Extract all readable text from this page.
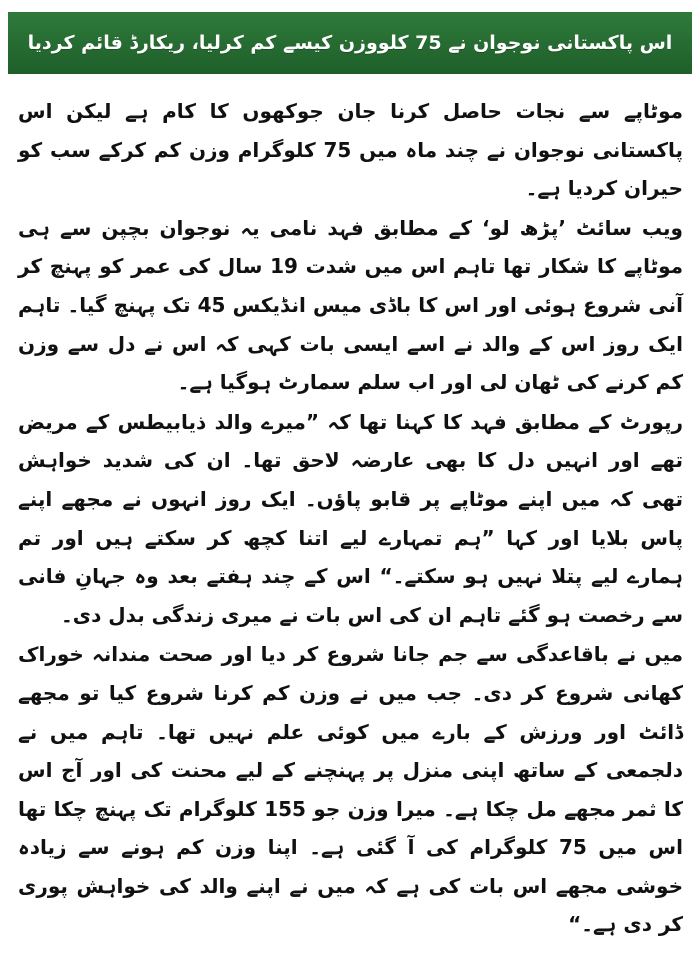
اس پاکستانی نوجوان نے 75 کلووزن کیسے کم کرلیا، ریکارڈ قائم کردیا

موٹاپے سے نجات حاصل کرنا جان جوکھوں کا کام ہے لیکن اس پاکستانی نوجوان نے چند ماہ میں 75 کلوگرام وزن کم کرکے سب کو حیران کردیا ہے۔

ویب سائٹ ’پڑھ لو‘ کے مطابق فہد نامی یہ نوجوان بچپن سے ہی موٹاپے کا شکار تھا تاہم اس میں شدت 19 سال کی عمر کو پہنچ کر آنی شروع ہوئی اور اس کا باڈی میس انڈیکس 45 تک پہنچ گیا۔ تاہم ایک روز اس کے والد نے اسے ایسی بات کہی کہ اس نے دل سے وزن کم کرنے کی ٹھان لی اور اب سلم سمارٹ ہوگیا ہے۔

رپورٹ کے مطابق فہد کا کہنا تھا کہ ”میرے والد ذیابیطس کے مریض تھے اور انہیں دل کا بھی عارضہ لاحق تھا۔ ان کی شدید خواہش تھی کہ میں اپنے موٹاپے پر قابو پاﺅں۔ ایک روز انہوں نے مجھے اپنے پاس بلایا اور کہا ”ہم تمہارے لیے اتنا کچھ کر سکتے ہیں اور تم ہمارے لیے پتلا نہیں ہو سکتے۔“ اس کے چند ہفتے بعد وہ جہانِ فانی سے رخصت ہو گئے تاہم ان کی اس بات نے میری زندگی بدل دی۔

میں نے باقاعدگی سے جم جانا شروع کر دیا اور صحت مندانہ خوراک کھانی شروع کر دی۔ جب میں نے وزن کم کرنا شروع کیا تو مجھے ڈائٹ اور ورزش کے بارے میں کوئی علم نہیں تھا۔ تاہم میں نے دلجمعی کے ساتھ اپنی منزل پر پہنچنے کے لیے محنت کی اور آج اس کا ثمر مجھے مل چکا ہے۔ میرا وزن جو 155 کلوگرام تک پہنچ چکا تھا اس میں 75 کلوگرام کی آ گئی ہے۔ اپنا وزن کم ہونے سے زیادہ خوشی مجھے اس بات کی ہے کہ میں نے اپنے والد کی خواہش پوری کر دی ہے۔“
